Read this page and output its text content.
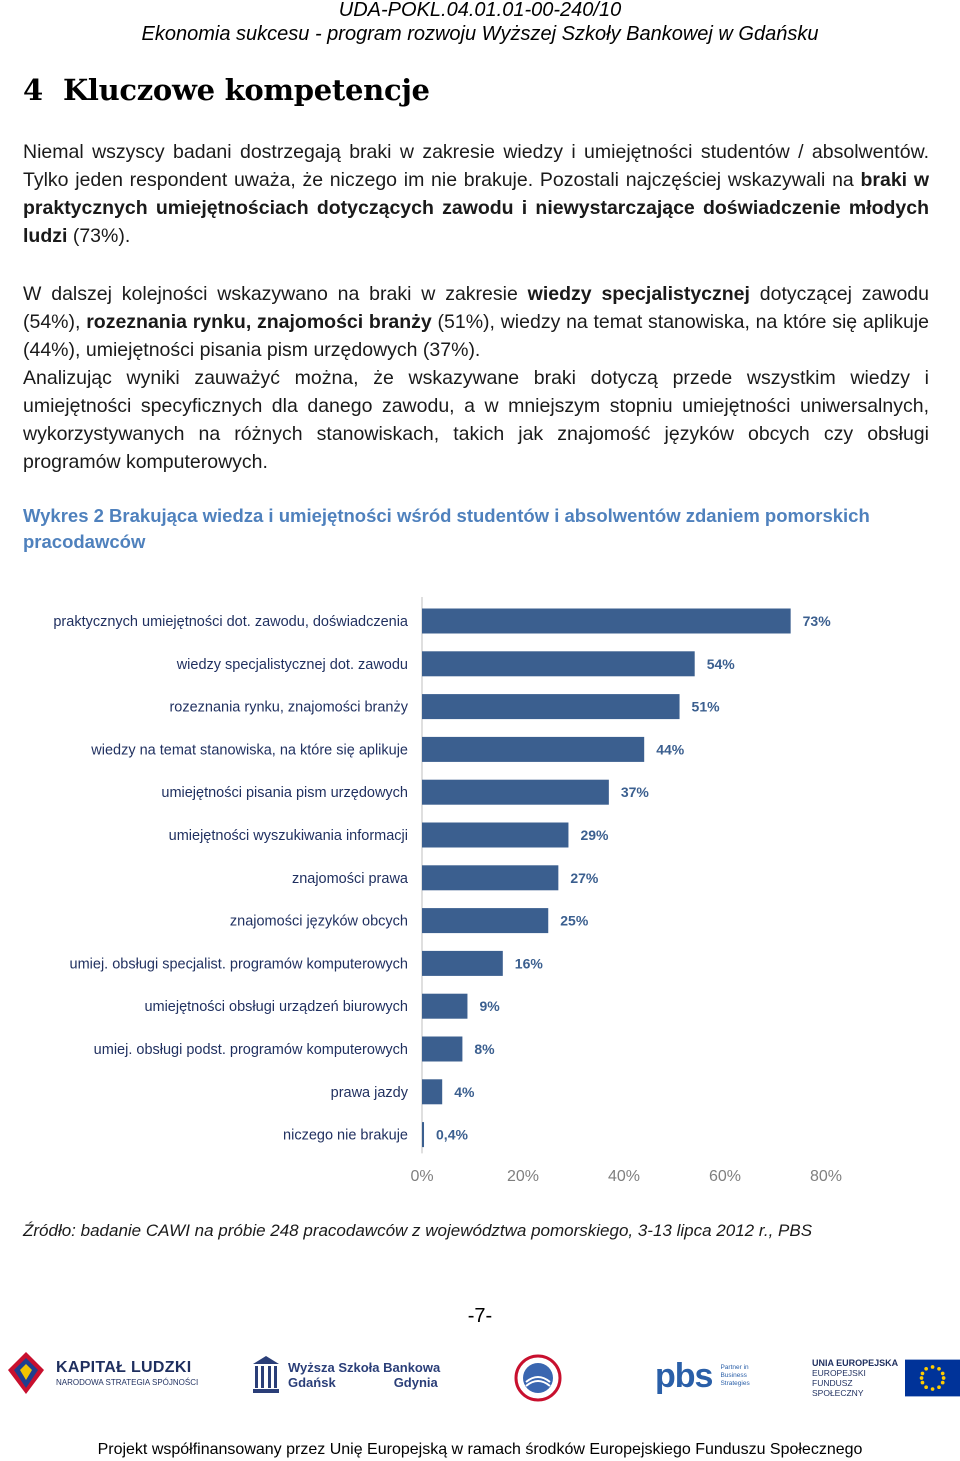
UDA-POKL.04.01.01-00-240/10
Ekonomia sukcesu - program rozwoju Wyższej Szkoły Bankowej w Gdańsku
4 Kluczowe kompetencje
Niemal wszyscy badani dostrzegają braki w zakresie wiedzy i umiejętności studentów / absolwentów. Tylko jeden respondent uważa, że niczego im nie brakuje. Pozostali najczęściej wskazywali na braki w praktycznych umiejętnościach dotyczących zawodu i niewystarczające doświadczenie młodych ludzi (73%).
W dalszej kolejności wskazywano na braki w zakresie wiedzy specjalistycznej dotyczącej zawodu (54%), rozeznania rynku, znajomości branży (51%), wiedzy na temat stanowiska, na które się aplikuje (44%), umiejętności pisania pism urzędowych (37%).
Analizując wyniki zauważyć można, że wskazywane braki dotyczą przede wszystkim wiedzy i umiejętności specyficznych dla danego zawodu, a w mniejszym stopniu umiejętności uniwersalnych, wykorzystywanych na różnych stanowiskach, takich jak znajomość języków obcych czy obsługi programów komputerowych.
Wykres 2 Brakująca wiedza i umiejętności wśród studentów i absolwentów zdaniem pomorskich pracodawców
praktycznych umiejętności dot. zawodu, doświadczenia	73%
wiedzy specjalistycznej dot. zawodu	54%
rozeznania rynku, znajomości branży	51%
wiedzy na temat stanowiska, na które się aplikuje	44%
umiejętności pisania pism urzędowych	37%
umiejętności wyszukiwania informacji	29%
znajomości prawa	27%
znajomości języków obcych	25%
umiej. obsługi specjalist. programów komputerowych	16%
umiejętności obsługi urządzeń biurowych	9%
umiej. obsługi podst. programów komputerowych	8%
prawa jazdy	4%
niczego nie brakuje 0,4%
0%	20%	40%	60%	80%
Źródło: badanie CAWI na próbie 248 pracodawców z województwa pomorskiego, 3-13 lipca 2012 r., PBS
-7-
KAPITAŁ LUDZKI
NARODOWA STRATEGIA SPÓJNOŚCI
Wyższa Szkoła Bankowa
Gdańsk	Gdynia	pbs Partner in Business Strategies
UNIA EUROPEJSKA
EUROPEJSKI
FUNDUSZ SPOŁECZNY
Projekt współfinansowany przez Unię Europejską w ramach środków Europejskiego Funduszu Społecznego
